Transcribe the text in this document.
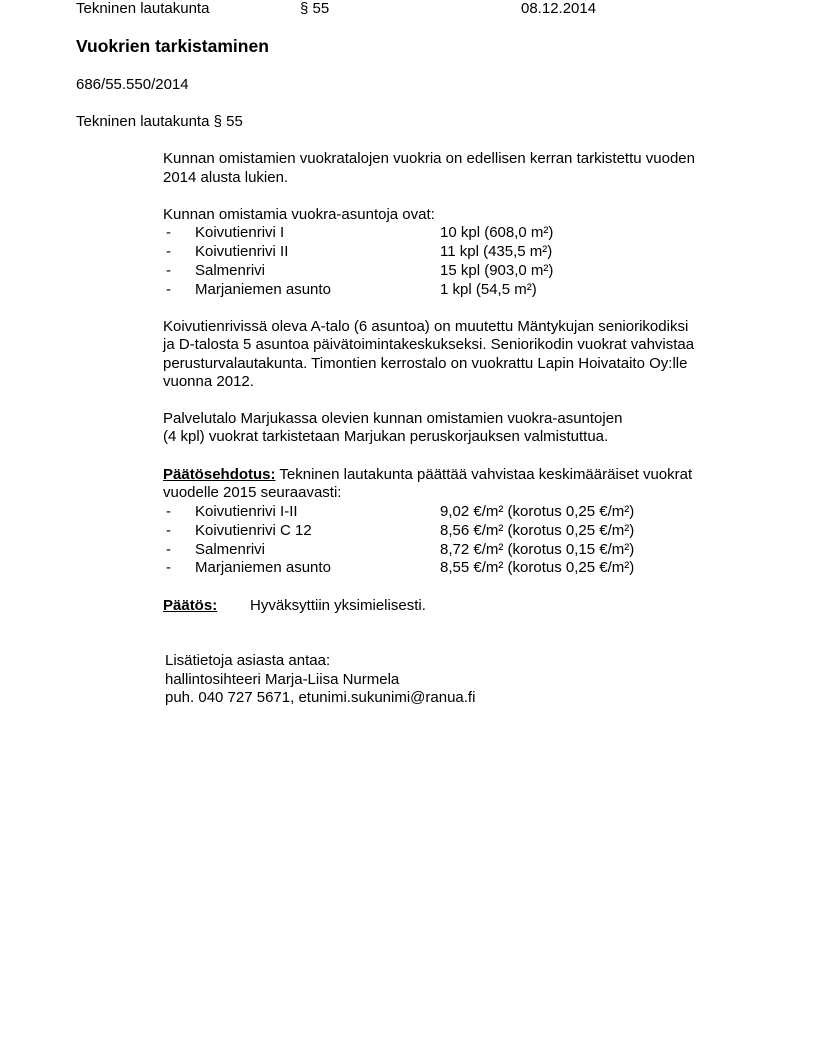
Tekninen lautakunta	§ 55	08.12.2014
Vuokrien tarkistaminen
686/55.550/2014
Tekninen lautakunta § 55
Kunnan omistamien vuokratalojen vuokria on edellisen kerran tarkistettu vuoden
2014 alusta lukien.
Kunnan omistamia vuokra-asuntoja ovat:
- Koivutienrivi I	10 kpl (608,0 m²)
- Koivutienrivi II	11 kpl (435,5 m²)
- Salmenrivi	15 kpl (903,0 m²)
- Marjaniemen asunto	1 kpl (54,5 m²)
Koivutienrivissä oleva A-talo (6 asuntoa) on muutettu Mäntykujan seniorikodiksi
ja D-talosta 5 asuntoa päivätoimintakeskukseksi. Seniorikodin vuokrat vahvistaa
perusturvalautakunta. Timontien kerrostalo on vuokrattu Lapin Hoivataito Oy:lle
vuonna 2012.
Palvelutalo Marjukassa olevien kunnan omistamien vuokra-asuntojen
(4 kpl) vuokrat tarkistetaan Marjukan peruskorjauksen valmistuttua.
Päätösehdotus: Tekninen lautakunta päättää vahvistaa keskimääräiset vuokrat
vuodelle 2015 seuraavasti:
- Koivutienrivi I-II	9,02 €/m² (korotus 0,25 €/m²)
- Koivutienrivi C 12	8,56 €/m² (korotus 0,25 €/m²)
- Salmenrivi	8,72 €/m² (korotus 0,15 €/m²)
- Marjaniemen asunto	8,55 €/m² (korotus 0,25 €/m²)
Päätös: Hyväksyttiin yksimielisesti.
Lisätietoja asiasta antaa:
hallintosihteeri Marja-Liisa Nurmela
puh. 040 727 5671, etunimi.sukunimi@ranua.fi
